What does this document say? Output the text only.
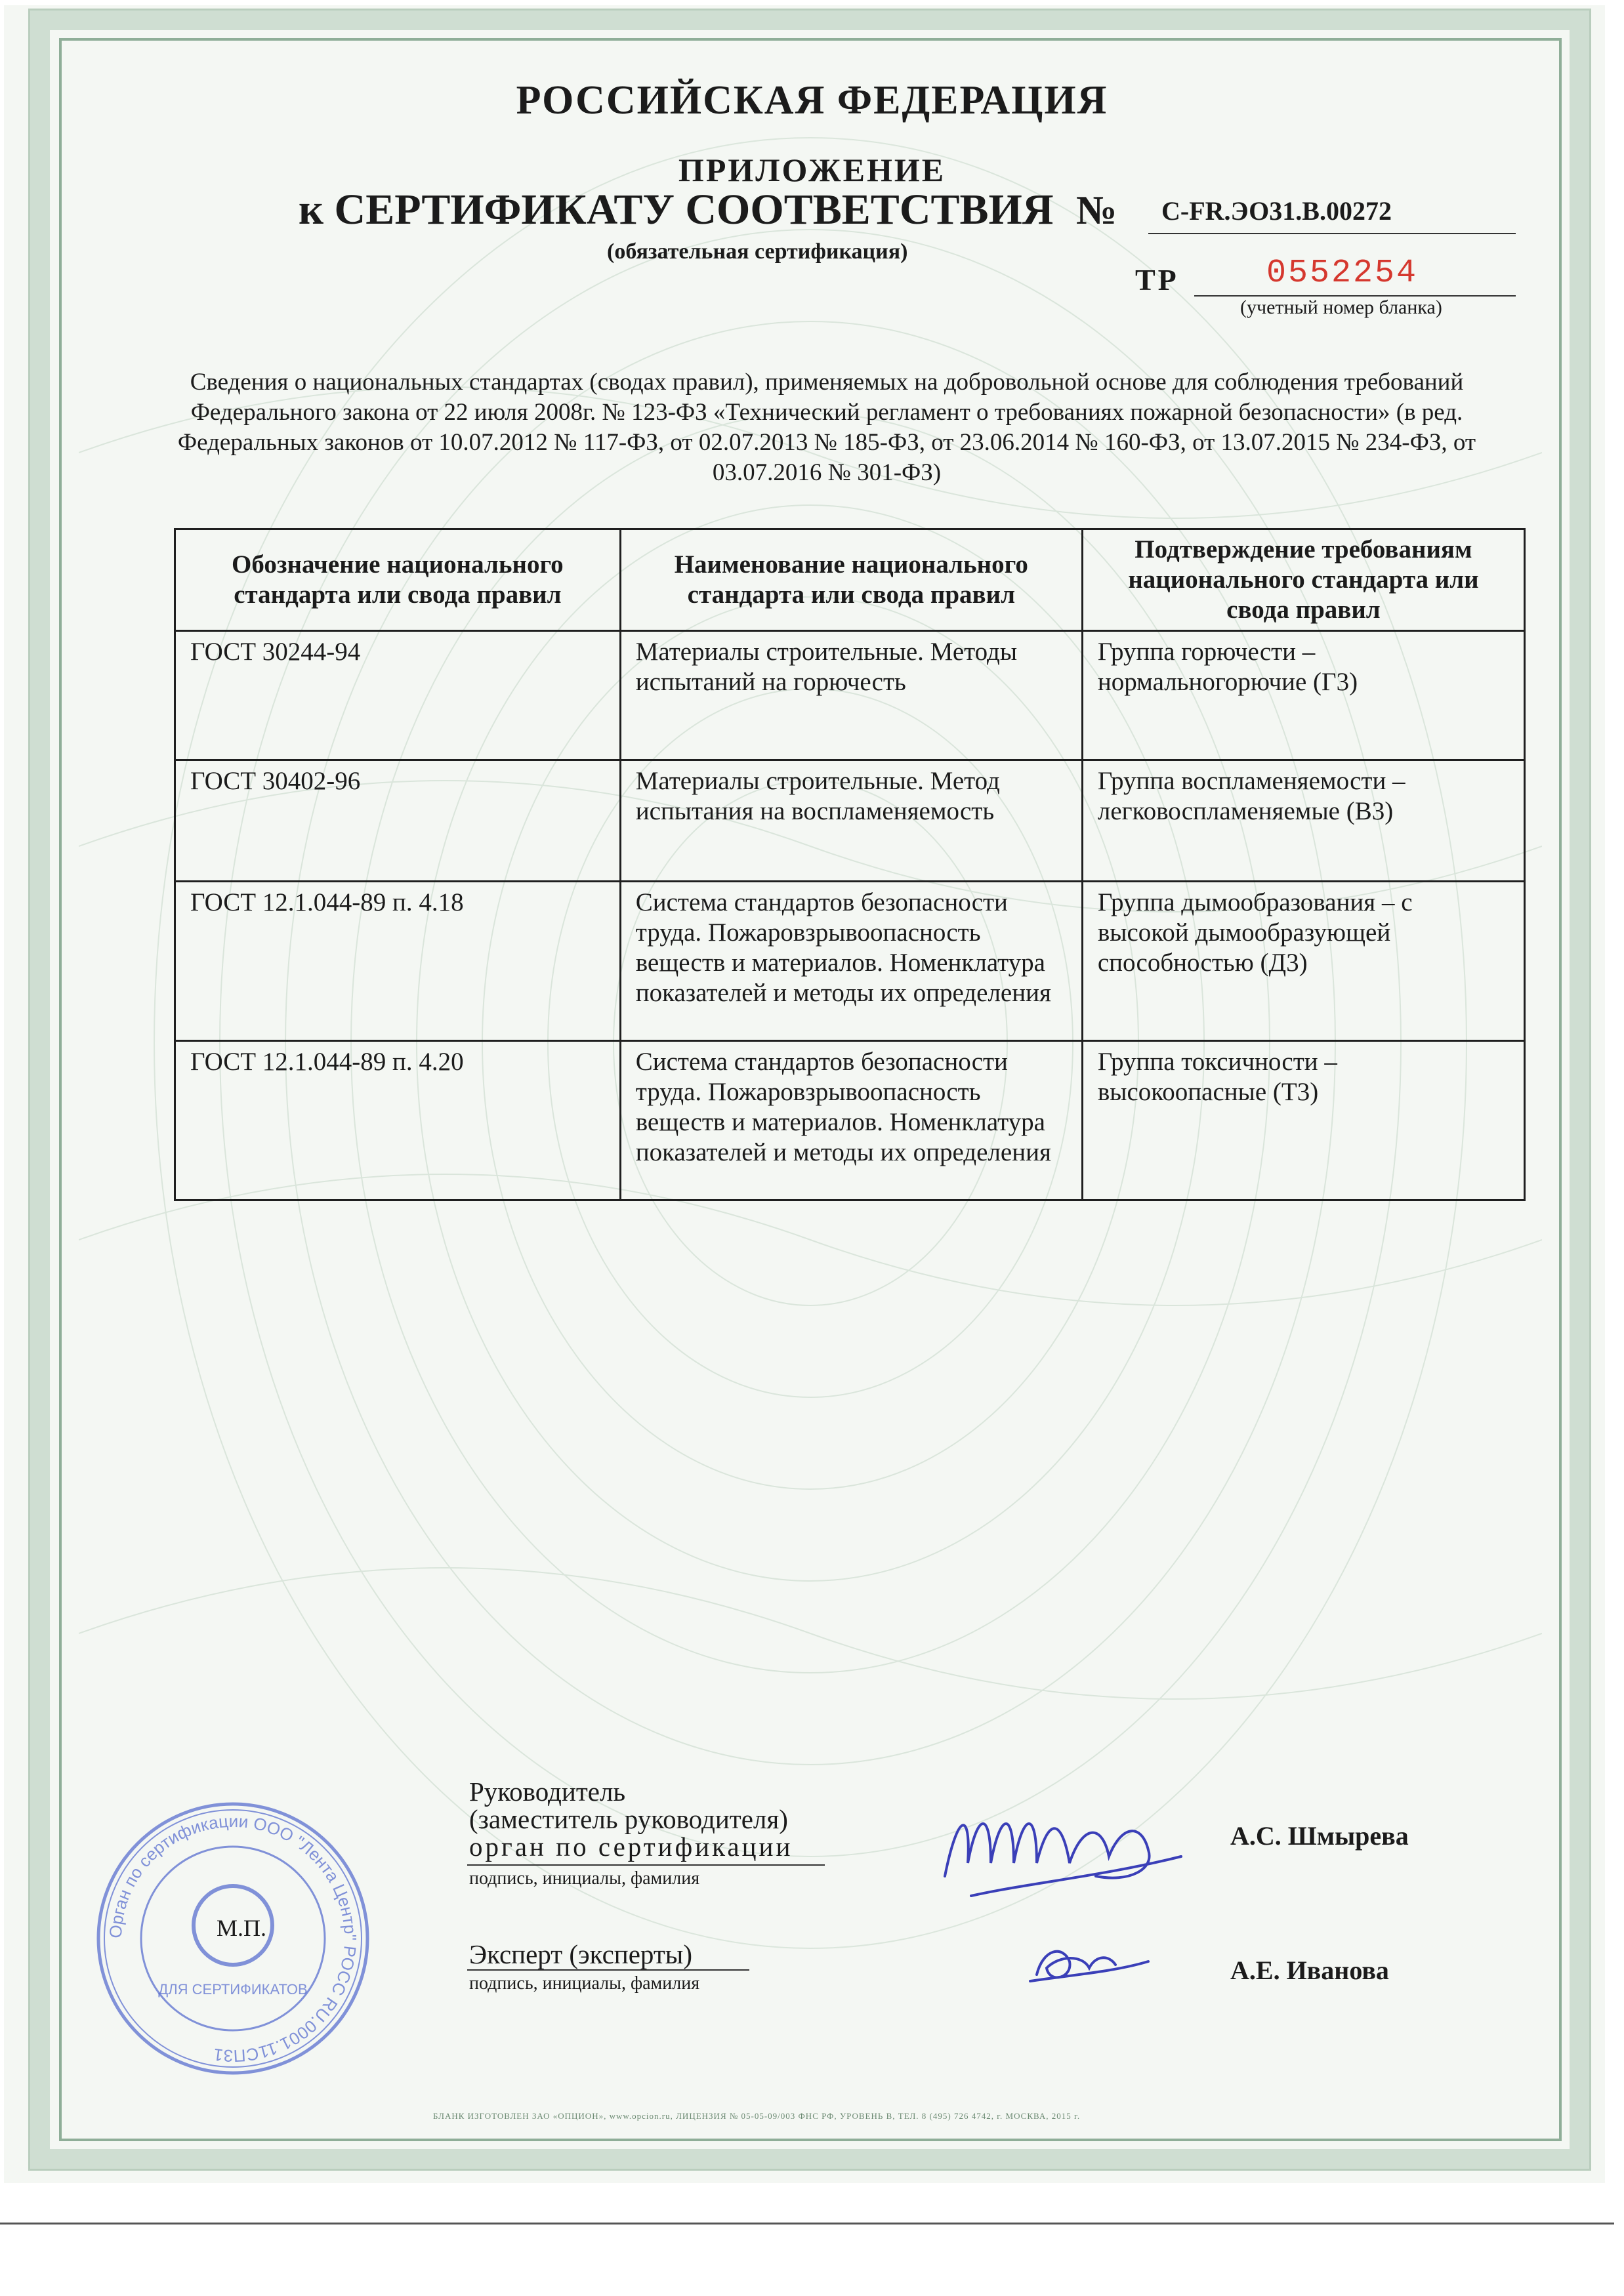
РОССИЙСКАЯ ФЕДЕРАЦИЯ
ПРИЛОЖЕНИЕ
к СЕРТИФИКАТУ СООТВЕТСТВИЯ № C-FR.ЭО31.В.00272
(обязательная сертификация)
ТР	0552254
(учетный номер бланка)
Сведения о национальных стандартах (сводах правил), применяемых на добровольной основе для соблюдения требований Федерального закона от 22 июля 2008г. № 123-ФЗ «Технический регламент о требованиях пожарной безопасности» (в ред. Федеральных законов от 10.07.2012 № 117-ФЗ, от 02.07.2013 № 185-ФЗ, от 23.06.2014 № 160-ФЗ, от 13.07.2015 № 234-ФЗ, от 03.07.2016 № 301-ФЗ)
Обозначение национального стандарта или свода правил	Наименование национального стандарта или свода правил	Подтверждение требованиям национального стандарта или свода правил
ГОСТ 30244-94	Материалы строительные. Методы испытаний на горючесть	Группа горючести – нормальногорючие (Г3)
ГОСТ 30402-96	Материалы строительные. Метод испытания на воспламеняемость	Группа воспламеняемости – легковоспламеняемые (В3)
ГОСТ 12.1.044-89 п. 4.18	Система стандартов безопасности труда. Пожаровзрывоопасность веществ и материалов. Номенклатура показателей и методы их определения	Группа дымообразования – с высокой дымообразующей способностью (Д3)
ГОСТ 12.1.044-89 п. 4.20	Система стандартов безопасности труда. Пожаровзрывоопасность веществ и материалов. Номенклатура показателей и методы их определения	Группа токсичности – высокоопасные (Т3)
Руководитель
(заместитель руководителя)
орган по сертификации
подпись, инициалы, фамилия
А.С. Шмырева
Эксперт (эксперты)
подпись, инициалы, фамилия	А.Е. Иванова
Орган по сертификации ООО "Лента Центр" РОСС RU.0001.11СП31
ДЛЯ СЕРТИФИКАТОВ
М.П.
БЛАНК ИЗГОТОВЛЕН ЗАО «ОПЦИОН», www.opcion.ru, ЛИЦЕНЗИЯ № 05-05-09/003 ФНС РФ, УРОВЕНЬ В, ТЕЛ. 8 (495) 726 4742, г. МОСКВА, 2015 г.
